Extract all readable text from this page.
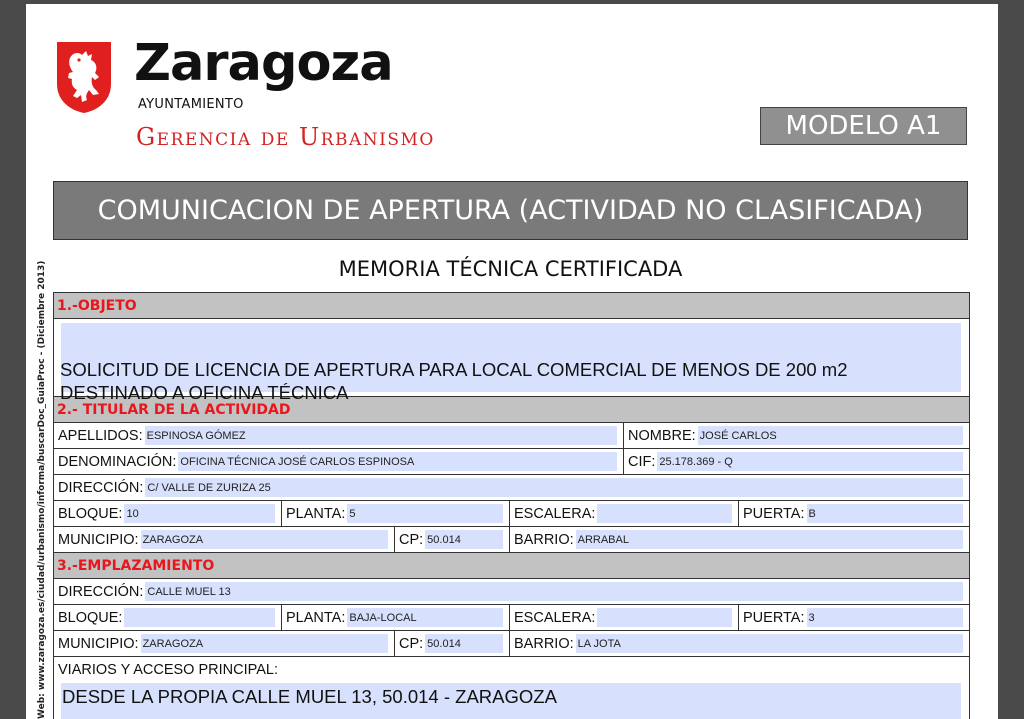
Zaragoza
AYUNTAMIENTO
Gerencia de Urbanismo	MODELO A1
COMUNICACION DE APERTURA (ACTIVIDAD NO CLASIFICADA)
MEMORIA TÉCNICA CERTIFICADA
Web: www.zaragoza.es/ciudad/urbanismo/informa/buscarDoc_GuiaProc - (Diciembre 2013) 1.-OBJETO
SOLICITUD DE LICENCIA DE APERTURA PARA LOCAL COMERCIAL DE MENOS DE 200 m2
DESTINADO A OFICINA TÉCNICA
2.- TITULAR DE LA ACTIVIDAD
APELLIDOS: ESPINOSA GÓMEZ	NOMBRE: JOSÉ CARLOS
DENOMINACIÓN: OFICINA TÉCNICA JOSÉ CARLOS ESPINOSA	CIF: 25.178.369 - Q
DIRECCIÓN: C/ VALLE DE ZURIZA 25
BLOQUE: 10	PLANTA: 5	ESCALERA:	PUERTA: B
MUNICIPIO: ZARAGOZA	CP: 50.014	BARRIO: ARRABAL
3.-EMPLAZAMIENTO
DIRECCIÓN: CALLE MUEL 13
BLOQUE:	PLANTA: BAJA-LOCAL	ESCALERA:	PUERTA: 3
MUNICIPIO: ZARAGOZA	CP: 50.014	BARRIO: LA JOTA
VIARIOS Y ACCESO PRINCIPAL:
DESDE LA PROPIA CALLE MUEL 13, 50.014 - ZARAGOZA
